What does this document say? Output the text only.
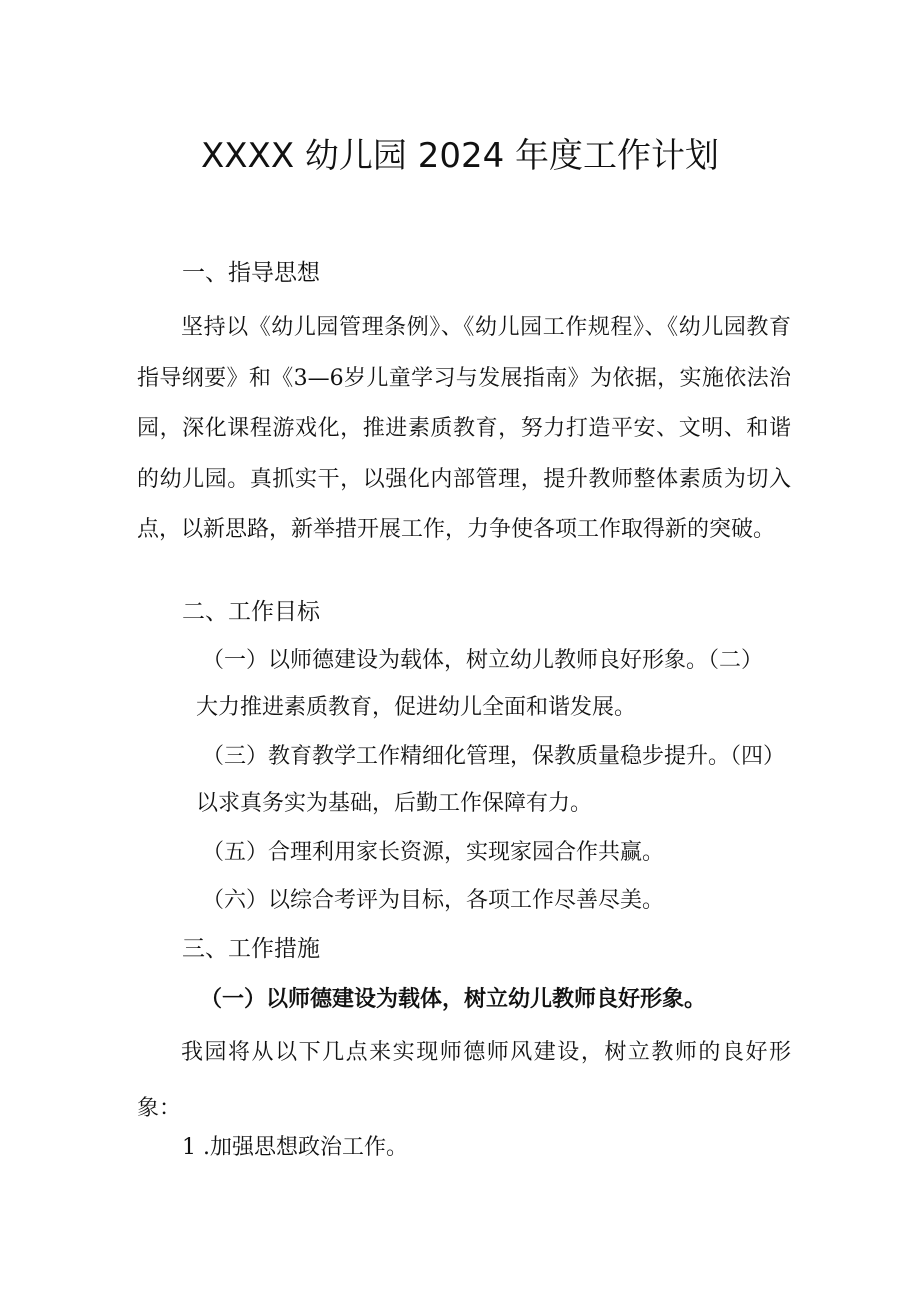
XXXX 幼儿园 2024 年度工作计划
一、指导思想
坚持以《幼儿园管理条例》、《幼儿园工作规程》、《幼儿园教育指导纲要》和《3—6岁儿童学习与发展指南》为依据，实施依法治园，深化课程游戏化，推进素质教育，努力打造平安、文明、和谐的幼儿园。真抓实干，以强化内部管理，提升教师整体素质为切入点，以新思路，新举措开展工作，力争使各项工作取得新的突破。
二、工作目标
（一）以师德建设为载体，树立幼儿教师良好形象。（二）
大力推进素质教育，促进幼儿全面和谐发展。
（三）教育教学工作精细化管理，保教质量稳步提升。（四）
以求真务实为基础，后勤工作保障有力。
（五）合理利用家长资源，实现家园合作共赢。
（六）以综合考评为目标，各项工作尽善尽美。
三、工作措施
（一）以师德建设为载体，树立幼儿教师良好形象。
我园将从以下几点来实现师德师风建设，树立教师的良好形象：
1 .加强思想政治工作。
